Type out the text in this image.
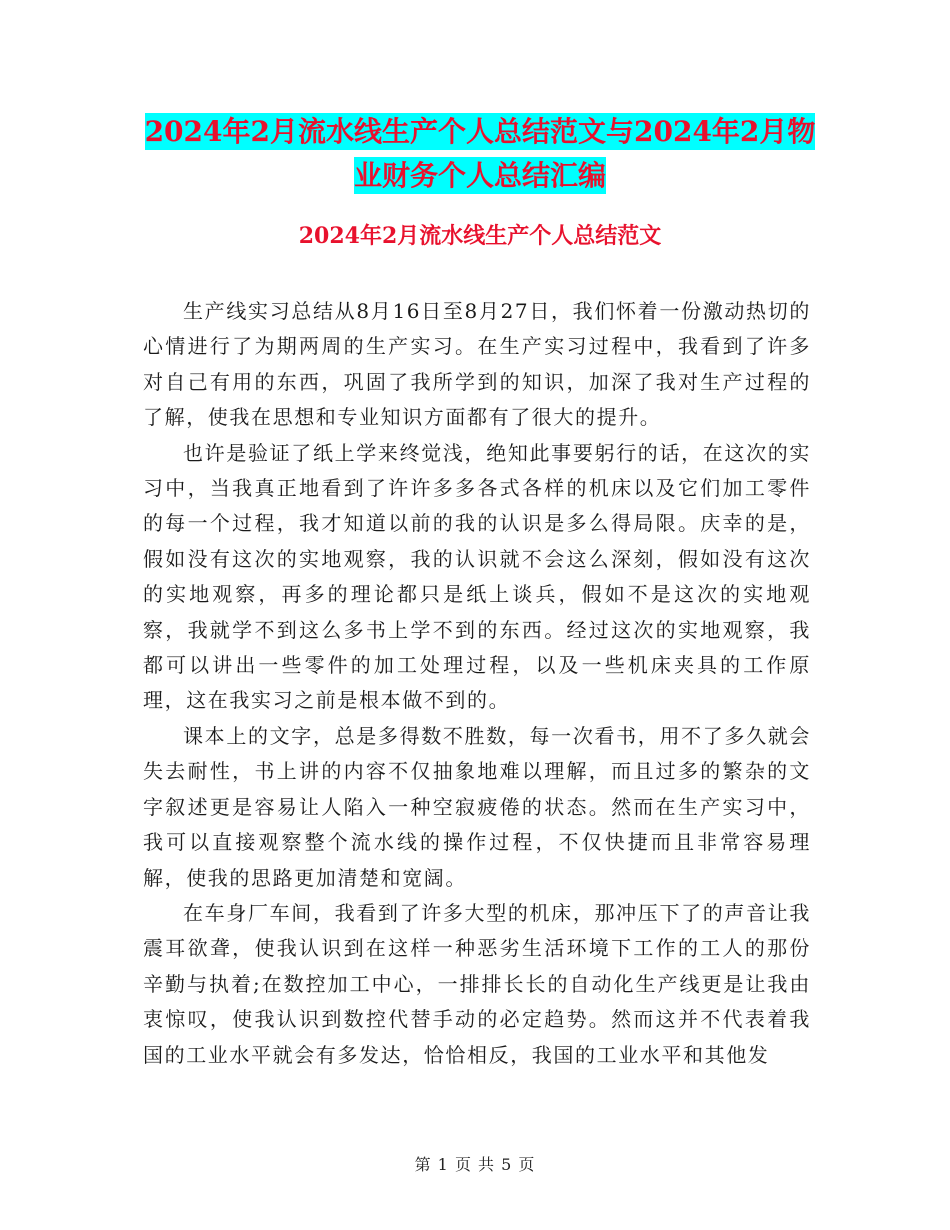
2024年2月流水线生产个人总结范文与2024年2月物
业财务个人总结汇编
2024年2月流水线生产个人总结范文

生产线实习总结从8月16日至8月27日，我们怀着一份激动热切的心情进行了为期两周的生产实习。在生产实习过程中，我看到了许多对自己有用的东西，巩固了我所学到的知识，加深了我对生产过程的了解，使我在思想和专业知识方面都有了很大的提升。

也许是验证了纸上学来终觉浅，绝知此事要躬行的话，在这次的实习中，当我真正地看到了许许多多各式各样的机床以及它们加工零件的每一个过程，我才知道以前的我的认识是多么得局限。庆幸的是，假如没有这次的实地观察，我的认识就不会这么深刻，假如没有这次的实地观察，再多的理论都只是纸上谈兵，假如不是这次的实地观察，我就学不到这么多书上学不到的东西。经过这次的实地观察，我都可以讲出一些零件的加工处理过程，以及一些机床夹具的工作原理，这在我实习之前是根本做不到的。

课本上的文字，总是多得数不胜数，每一次看书，用不了多久就会失去耐性，书上讲的内容不仅抽象地难以理解，而且过多的繁杂的文字叙述更是容易让人陷入一种空寂疲倦的状态。然而在生产实习中，我可以直接观察整个流水线的操作过程，不仅快捷而且非常容易理解，使我的思路更加清楚和宽阔。

在车身厂车间，我看到了许多大型的机床，那冲压下了的声音让我震耳欲聋，使我认识到在这样一种恶劣生活环境下工作的工人的那份辛勤与执着;在数控加工中心，一排排长长的自动化生产线更是让我由衷惊叹，使我认识到数控代替手动的必定趋势。然而这并不代表着我国的工业水平就会有多发达，恰恰相反，我国的工业水平和其他发

第 1 页 共 5 页
